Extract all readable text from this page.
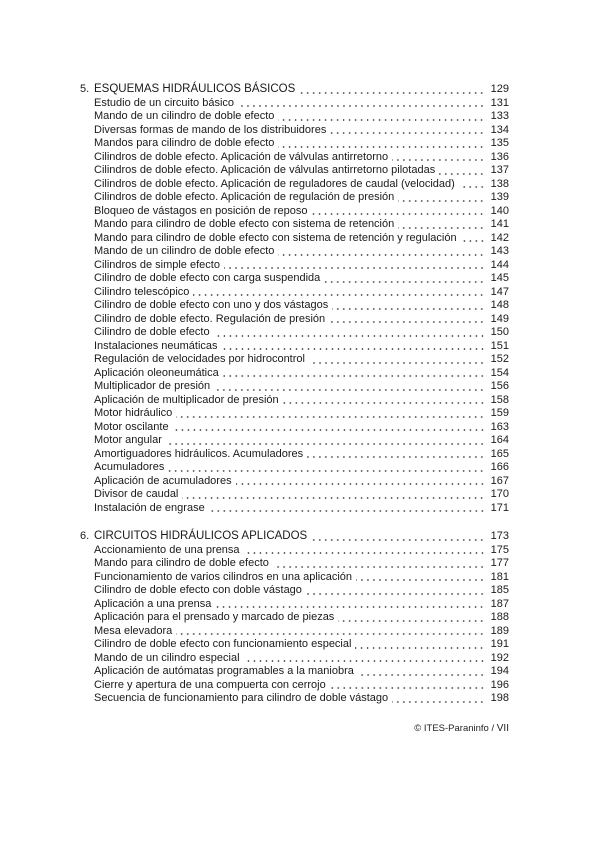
5. ESQUEMAS HIDRÁULICOS BÁSICOS	129
Estudio de un circuito básico	131
Mando de un cilindro de doble efecto	133
Diversas formas de mando de los distribuidores	134
Mandos para cilindro de doble efecto	135
Cilindros de doble efecto. Aplicación de válvulas antirretorno	136
Cilindros de doble efecto. Aplicación de válvulas antirretorno pilotadas	137
Cilindros de doble efecto. Aplicación de reguladores de caudal (velocidad)	138
Cilindros de doble efecto. Aplicación de regulación de presión	139
Bloqueo de vástagos en posición de reposo	140
Mando para cilindro de doble efecto con sistema de retención	141
Mando para cilindro de doble efecto con sistema de retención y regulación	142
Mando de un cilindro de doble efecto	143
Cilindros de simple efecto	144
Cilindro de doble efecto con carga suspendida	145
Cilindro telescópico	147
Cilindro de doble efecto con uno y dos vástagos	148
Cilindro de doble efecto. Regulación de presión	149
Cilindro de doble efecto	150
Instalaciones neumáticas	151
Regulación de velocidades por hidrocontrol	152
Aplicación oleoneumática	154
Multiplicador de presión	156
Aplicación de multiplicador de presión	158
Motor hidráulico	159
Motor oscilante	163
Motor angular	164
Amortiguadores hidráulicos. Acumuladores	165
Acumuladores	166
Aplicación de acumuladores	167
Divisor de caudal	170
Instalación de engrase	171
6. CIRCUITOS HIDRÁULICOS APLICADOS	173
Accionamiento de una prensa	175
Mando para cilindro de doble efecto	177
Funcionamiento de varios cilindros en una aplicación	181
Cilindro de doble efecto con doble vástago	185
Aplicación a una prensa	187
Aplicación para el prensado y marcado de piezas	188
Mesa elevadora	189
Cilindro de doble efecto con funcionamiento especial	191
Mando de un cilindro especial	192
Aplicación de autómatas programables a la maniobra	194
Cierre y apertura de una compuerta con cerrojo	196
Secuencia de funcionamiento para cilindro de doble vástago	198
© ITES-Paraninfo / VII
